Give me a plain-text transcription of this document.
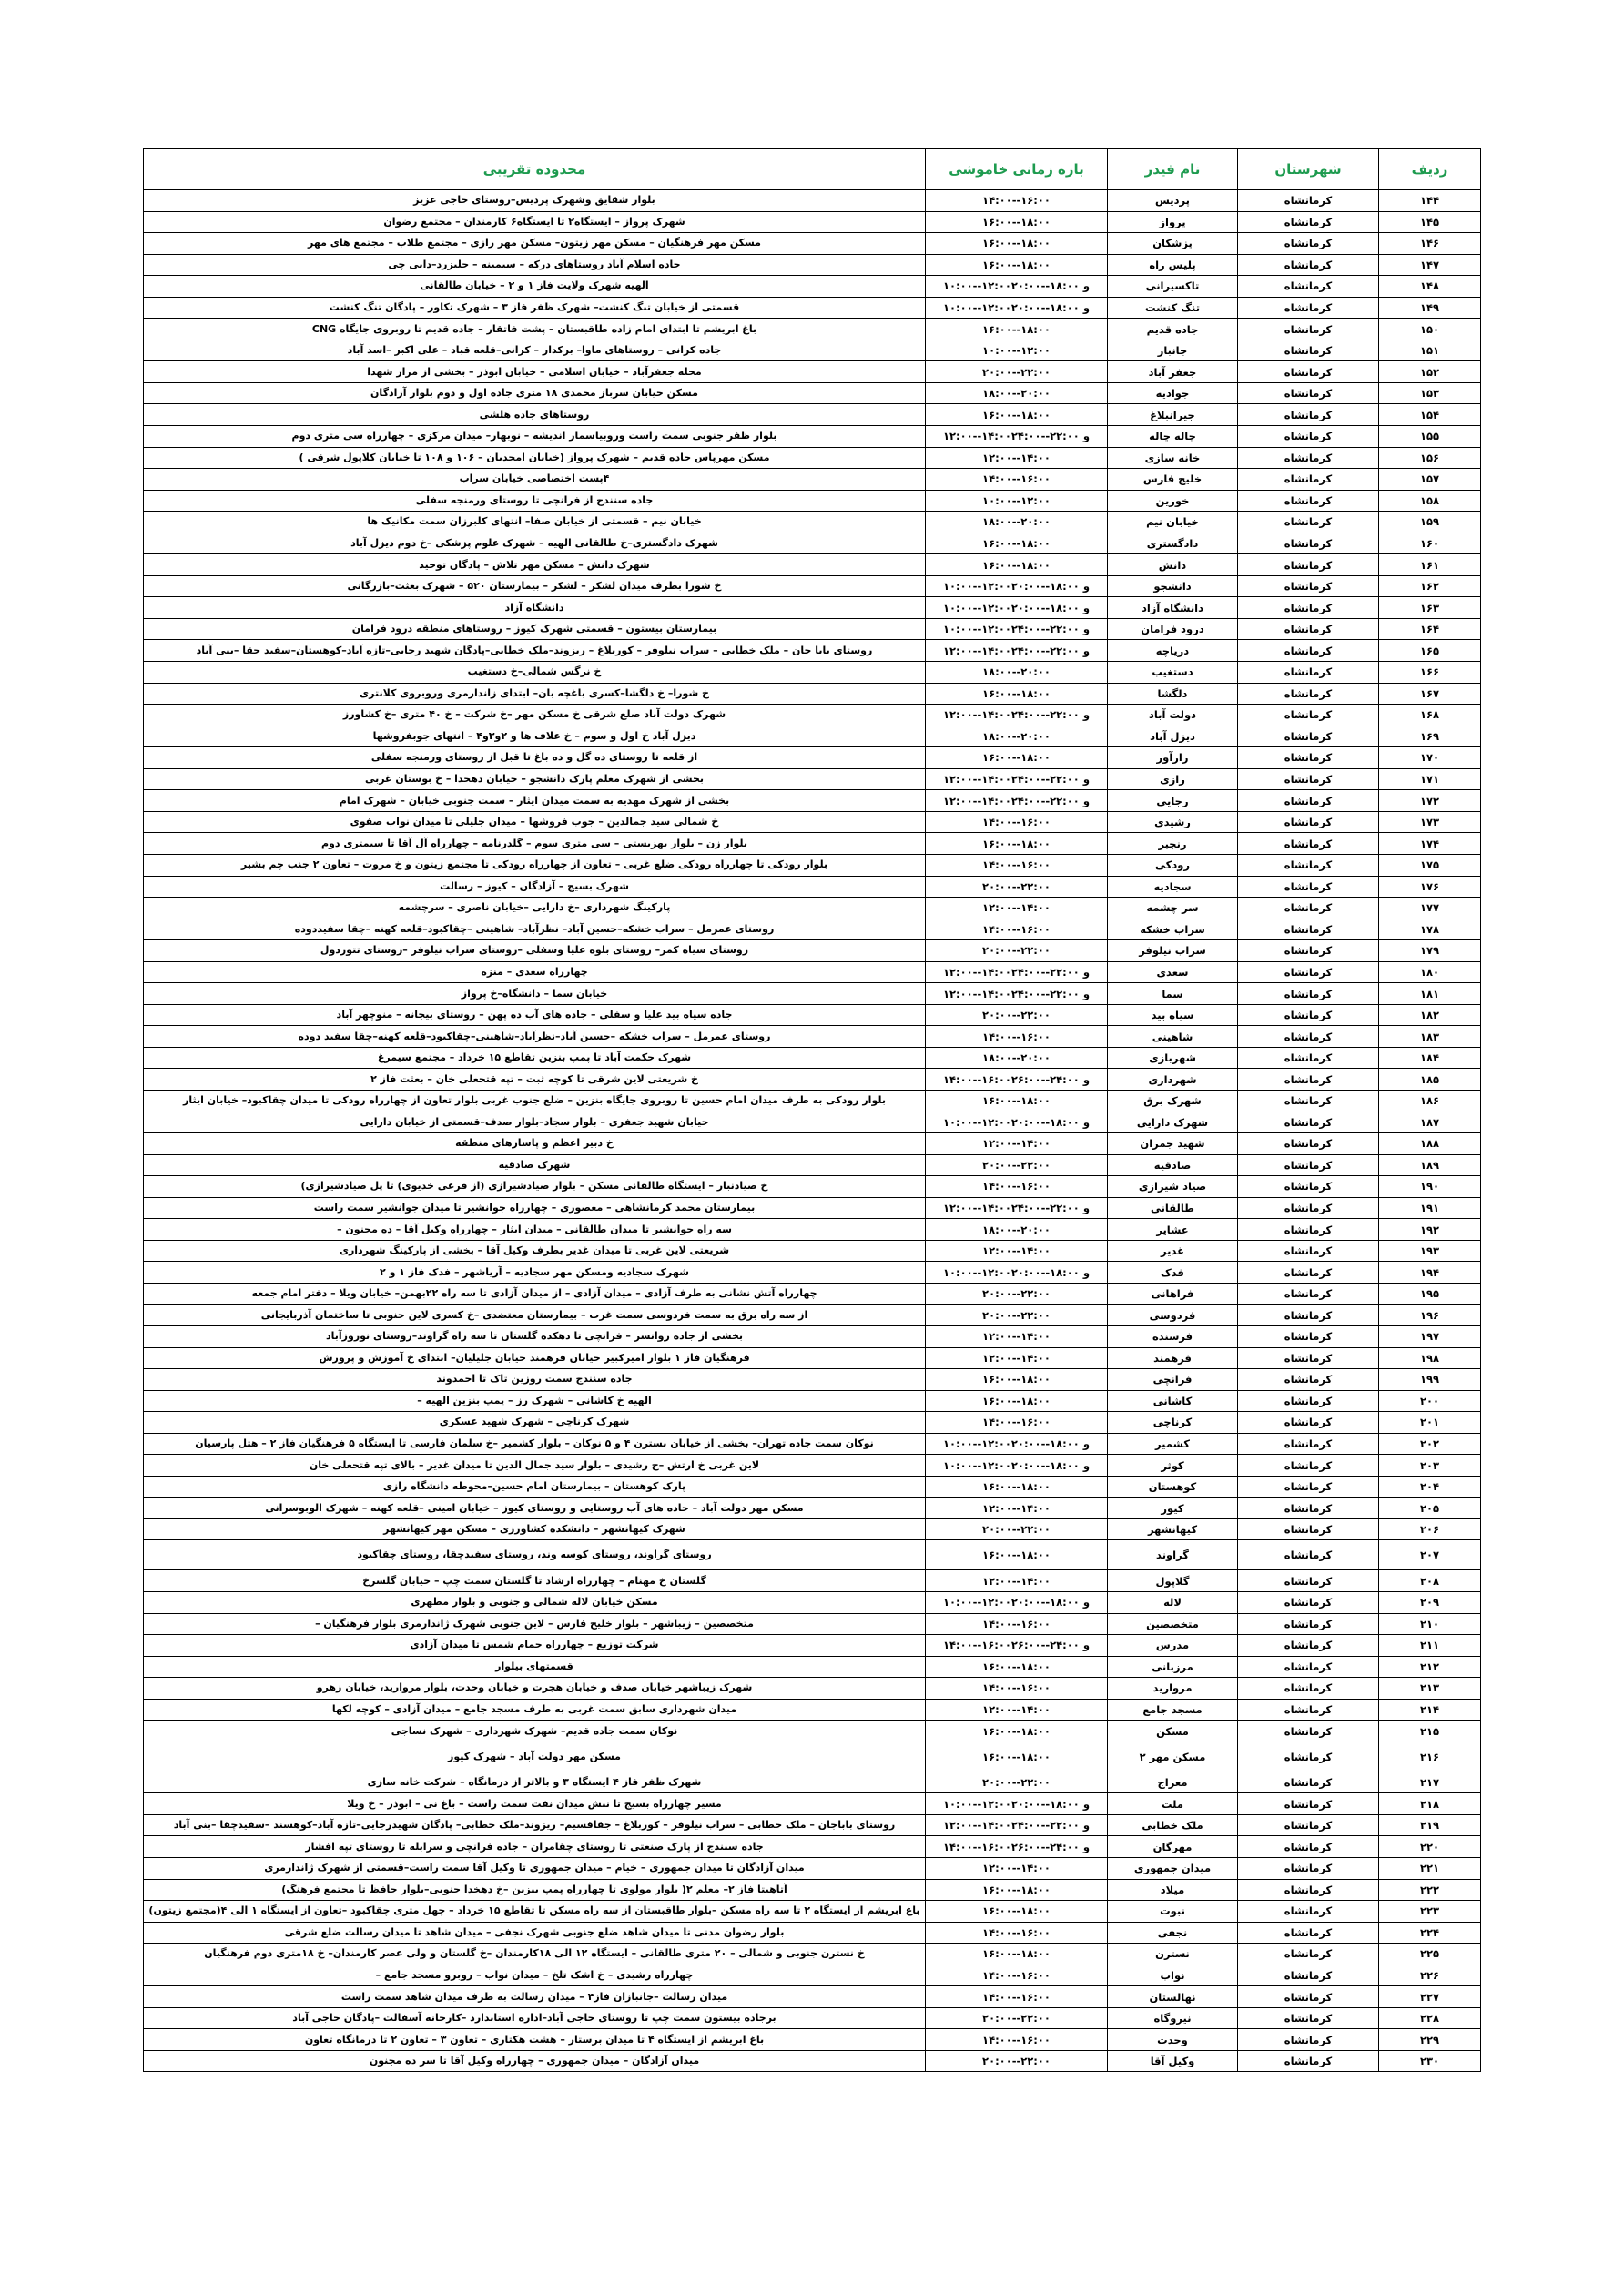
ردیف	شهرستان	نام فیدر	بازه زمانی خاموشی	محدوده تقریبی
۱۴۴	کرمانشاه	پردیس	۱۴:۰۰--۱۶:۰۰	بلوار شقایق وشهرک پردیس–روستای حاجی عزیز
۱۴۵	کرمانشاه	پرواز	۱۶:۰۰--۱۸:۰۰	شهرک پرواز – ایستگاه۲ تا ایستگاه۶ کارمندان – مجتمع رضوان
۱۴۶	کرمانشاه	پزشکان	۱۶:۰۰--۱۸:۰۰	مسکن مهر فرهنگیان – مسکن مهر زیتون– مسکن مهر رازی – مجتمع طلاب – مجتمع های مهر
۱۴۷	کرمانشاه	پلیس راه	۱۶:۰۰--۱۸:۰۰	جاده اسلام آباد روستاهای درکه – سیمینه – جلیزرد–دایی چی
۱۴۸	کرمانشاه	تاکسیرانی	۱۰:۰۰--۱۲:۰۰و ۱۸:۰۰--۲۰:۰۰	الهیه شهرک ولایت فاز ۱ و ۲ – خیابان طالقانی
۱۴۹	کرمانشاه	تنگ کنشت	۱۰:۰۰--۱۲:۰۰و ۱۸:۰۰--۲۰:۰۰	قسمتی از خیابان تنگ کنشت– شهرک ظفر فاز ۳ – شهرک تکاور – پادگان تنگ کنشت
۱۵۰	کرمانشاه	جاده قدیم	۱۶:۰۰--۱۸:۰۰	باغ ابریشم تا ابتدای امام زاده طاقبستان – پشت فاتقار – جاده قدیم تا روبروی جایگاه CNG
۱۵۱	کرمانشاه	جانباز	۱۰:۰۰--۱۲:۰۰	جاده کرانی – روستاهای ماوا– برکدار – کرانی–قلعه قباد – علی اکبر –اسد آباد
۱۵۲	کرمانشاه	جعفر آباد	۲۰:۰۰--۲۲:۰۰	محله جعفرآباد – خیابان اسلامی – خیابان ابوذر – بخشی از مزار شهدا
۱۵۳	کرمانشاه	جوادیه	۱۸:۰۰--۲۰:۰۰	مسکن خیابان سرباز محمدی ۱۸ متری جاده اول و دوم بلوار آزادگان
۱۵۴	کرمانشاه	جیرانبلاغ	۱۶:۰۰--۱۸:۰۰	روستاهای جاده هلشی
۱۵۵	کرمانشاه	چاله چاله	۱۲:۰۰--۱۴:۰۰و ۲۲:۰۰--۲۴:۰۰	بلوار ظفر جنوبی سمت راست وروبیاسمار اندیشه – نوبهار– میدان مرکزی – چهارراه سی متری دوم
۱۵۶	کرمانشاه	خانه سازی	۱۲:۰۰--۱۴:۰۰	مسکن مهرپاس جاده قدیم – شهرک پرواز (خیابان امجدیان – ۱۰۶ و ۱۰۸ تا خیابان کلاپول شرقی )
۱۵۷	کرمانشاه	خلیج فارس	۱۴:۰۰--۱۶:۰۰	۴پست اختصاصی خیابان سراب
۱۵۸	کرمانشاه	خورین	۱۰:۰۰--۱۲:۰۰	جاده سنندج از فرانچی تا روستای ورمنجه سفلی
۱۵۹	کرمانشاه	خیابان نیم	۱۸:۰۰--۲۰:۰۰	خیابان نیم – قسمتی از خیابان صفا– انتهای کلبرزان سمت مکانیک ها
۱۶۰	کرمانشاه	دادگستری	۱۶:۰۰--۱۸:۰۰	شهرک دادگستری–خ طالقانی الهیه – شهرک علوم پزشکی –خ دوم دیزل آباد
۱۶۱	کرمانشاه	دانش	۱۶:۰۰--۱۸:۰۰	شهرک دانش – مسکن مهر تلاش – پادگان توحید
۱۶۲	کرمانشاه	دانشجو	۱۰:۰۰--۱۲:۰۰و ۱۸:۰۰--۲۰:۰۰	خ شورا بطرف میدان لشکر – لشکر – بیمارستان ۵۲۰ – شهرک بعثت–بازرگانی
۱۶۳	کرمانشاه	دانشگاه آزاد	۱۰:۰۰--۱۲:۰۰و ۱۸:۰۰--۲۰:۰۰	دانشگاه آزاد
۱۶۴	کرمانشاه	درود فرامان	۱۰:۰۰--۱۲:۰۰و ۲۲:۰۰--۲۴:۰۰	بیمارستان بیستون – قسمتی شهرک کیوز – روستاهای منطقه درود فرامان
۱۶۵	کرمانشاه	دریاچه	۱۲:۰۰--۱۴:۰۰و ۲۲:۰۰--۲۴:۰۰	روستای بابا جان – ملک خطابی – سراب نیلوفر – کوربلاغ – ریزوند–ملک خطابی–پادگان شهید رجایی–تازه آباد–کوهستان–سفید جقا –بنی آباد
۱۶۶	کرمانشاه	دستغیب	۱۸:۰۰--۲۰:۰۰	خ نرگس شمالی–خ دستغیب
۱۶۷	کرمانشاه	دلگشا	۱۶:۰۰--۱۸:۰۰	خ شورا– خ دلگشا–کسری باغچه بان– ابتدای زاندارمری وروبروی کلانتری
۱۶۸	کرمانشاه	دولت آباد	۱۲:۰۰--۱۴:۰۰و ۲۲:۰۰--۲۴:۰۰	شهرک دولت آباد ضلع شرقی خ مسکن مهر –خ شرکت – خ ۴۰ متری –خ کشاورز
۱۶۹	کرمانشاه	دیزل آباد	۱۸:۰۰--۲۰:۰۰	دیزل آباد خ اول و سوم – خ علاف ها و ۲و۳و۴ – انتهای جوبفروشها
۱۷۰	کرمانشاه	رازآور	۱۶:۰۰--۱۸:۰۰	از قلعه تا روستای ده گل و ده باغ تا قبل از روستای ورمنجه سفلی
۱۷۱	کرمانشاه	رازی	۱۲:۰۰--۱۴:۰۰و ۲۲:۰۰--۲۴:۰۰	بخشی از شهرک معلم پارک دانشجو – خیابان دهخدا – خ بوستان غربی
۱۷۲	کرمانشاه	رجایی	۱۲:۰۰--۱۴:۰۰و ۲۲:۰۰--۲۴:۰۰	بخشی از شهرک مهدیه به سمت میدان ایثار – سمت جنوبی خیابان – شهرک امام
۱۷۳	کرمانشاه	رشیدی	۱۴:۰۰--۱۶:۰۰	خ شمالی سید جمالدین – جوب فروشها – میدان جلیلی تا میدان نواب صفوی
۱۷۴	کرمانشاه	رنجبر	۱۶:۰۰--۱۸:۰۰	بلوار زن – بلوار بهزیستی – سی متری سوم – گلدرنامه – چهارراه آل آقا تا سیمتری دوم
۱۷۵	کرمانشاه	رودکی	۱۴:۰۰--۱۶:۰۰	بلوار رودکی تا چهارراه رودکی ضلع غربی – تعاون از چهارراه رودکی تا مجتمع زیتون و خ مروت – تعاون ۲ جنب چم بشیر
۱۷۶	کرمانشاه	سجادیه	۲۰:۰۰--۲۲:۰۰	شهرک بسیج – آزادگان – کیوز – رسالت
۱۷۷	کرمانشاه	سر چشمه	۱۲:۰۰--۱۴:۰۰	پارکینگ شهرداری –خ دارایی –خیابان ناصری – سرچشمه
۱۷۸	کرمانشاه	سراب خشکه	۱۴:۰۰--۱۶:۰۰	روستای عمرمل – سراب خشکه–حسین آباد– نظرآباد– شاهینی –چقاکبود–قلعه کهنه –چقا سفیددوده
۱۷۹	کرمانشاه	سراب نیلوفر	۲۰:۰۰--۲۲:۰۰	روستای سیاه کمر– روستای بلوه علیا وسفلی –روستای سراب نیلوفر –روستای تتوردول
۱۸۰	کرمانشاه	سعدی	۱۲:۰۰--۱۴:۰۰و ۲۲:۰۰--۲۴:۰۰	چهارراه سعدی – منزه
۱۸۱	کرمانشاه	سما	۱۲:۰۰--۱۴:۰۰و ۲۲:۰۰--۲۴:۰۰	خیابان سما – دانشگاه–خ پرواز
۱۸۲	کرمانشاه	سیاه بید	۲۰:۰۰--۲۲:۰۰	جاده سیاه بید علیا و سفلی – جاده های آب ده پهن – روستای بیجانه – منوچهر آباد
۱۸۳	کرمانشاه	شاهینی	۱۴:۰۰--۱۶:۰۰	روستای عمرمل – سراب خشکه –حسین آباد–نظرآباد–شاهینی–چقاکبود–قلعه کهنه–چقا سفید دوده
۱۸۴	کرمانشاه	شهربازی	۱۸:۰۰--۲۰:۰۰	شهرک حکمت آباد تا پمپ بنزین تقاطع ۱۵ خرداد – مجتمع سیمرغ
۱۸۵	کرمانشاه	شهرداری	۱۴:۰۰--۱۶:۰۰و ۲۴:۰۰--۲۶:۰۰	خ شریعتی لاین شرقی تا کوچه ثبت – تپه قتحعلی خان – بعثت فاز ۲
۱۸۶	کرمانشاه	شهرک برق	۱۶:۰۰--۱۸:۰۰	بلوار رودکی به طرف میدان امام حسین تا روبروی جایگاه بنزین – ضلع جنوب غربی بلوار تعاون از چهارراه رودکی تا میدان چقاکبود– خیابان ایثار
۱۸۷	کرمانشاه	شهرک دارایی	۱۰:۰۰--۱۲:۰۰و ۱۸:۰۰--۲۰:۰۰	خیابان شهید جعفری – بلوار سجاد–بلوار صدف–قسمتی از خیابان دارایی
۱۸۸	کرمانشاه	شهید جمران	۱۲:۰۰--۱۴:۰۰	خ دبیر اعظم و پاسارهای منطقه
۱۸۹	کرمانشاه	صادقیه	۲۰:۰۰--۲۲:۰۰	شهرک صادقیه
۱۹۰	کرمانشاه	صیاد شیرازی	۱۴:۰۰--۱۶:۰۰	خ صیادنبار – ایستگاه طالقانی مسکن – بلوار صیادشیرازی (از فرعی خدیوی) تا پل صیادشیرازی)
۱۹۱	کرمانشاه	طالقانی	۱۲:۰۰--۱۴:۰۰و ۲۲:۰۰--۲۴:۰۰	بیمارستان محمد کرمانشاهی – معصوری – چهارراه جوانشیر تا میدان جوانشیر سمت راست
۱۹۲	کرمانشاه	عشایر	۱۸:۰۰--۲۰:۰۰	سه راه جوانشیر تا میدان طالقانی – میدان ایثار – چهارراه وکیل آقا – ده مجنون –
۱۹۳	کرمانشاه	غدیر	۱۲:۰۰--۱۴:۰۰	شریعتی لاین غربی تا میدان غدیر بطرف وکیل آقا – بخشی از پارکینگ شهرداری
۱۹۴	کرمانشاه	فدک	۱۰:۰۰--۱۲:۰۰و ۱۸:۰۰--۲۰:۰۰	شهرک سجادیه ومسکن مهر سجادیه – آریاشهر – فدک فاز ۱ و ۲
۱۹۵	کرمانشاه	فراهانی	۲۰:۰۰--۲۲:۰۰	چهارراه آتش نشانی به طرف آزادی – میدان آزادی – از میدان آزادی تا سه راه ۲۲بهمن– خیابان ویلا – دفتر امام جمعه
۱۹۶	کرمانشاه	فردوسی	۲۰:۰۰--۲۲:۰۰	از سه راه برق به سمت فردوسی سمت غرب – بیمارستان معتضدی –خ کسری لاین جنوبی تا ساختمان آذربایجانی
۱۹۷	کرمانشاه	فرسنده	۱۲:۰۰--۱۴:۰۰	بخشی از جاده روانسر – فرانچی تا دهکده گلستان تا سه راه گراوند–روستای نوروزآباد
۱۹۸	کرمانشاه	فرهمند	۱۲:۰۰--۱۴:۰۰	فرهنگیان فاز ۱ بلوار امیرکبیر خیابان فرهمند خیابان جلیلیان– ابتدای خ آموزش و پرورش
۱۹۹	کرمانشاه	فرانچی	۱۶:۰۰--۱۸:۰۰	جاده سنندج سمت روزین تاک تا احمدوند
۲۰۰	کرمانشاه	کاشانی	۱۶:۰۰--۱۸:۰۰	الهیه خ کاشانی – شهرک رز – پمپ بنزین الهیه –
۲۰۱	کرمانشاه	کرناچی	۱۴:۰۰--۱۶:۰۰	شهرک کرناچی – شهرک شهید عسکری
۲۰۲	کرمانشاه	کشمیر	۱۰:۰۰--۱۲:۰۰و ۱۸:۰۰--۲۰:۰۰	نوکان سمت جاده تهران– بخشی از خیابان نسترن ۴ و ۵ نوکان – بلوار کشمیر –خ سلمان فارسی تا ایستگاه ۵ فرهنگیان فاز ۲ – هتل پارسیان
۲۰۳	کرمانشاه	کوثر	۱۰:۰۰--۱۲:۰۰و ۱۸:۰۰--۲۰:۰۰	لاین غربی خ ارتش –خ رشیدی – بلوار سید جمال الدین تا میدان غدیر – بالای تپه قتحعلی خان
۲۰۴	کرمانشاه	کوهستان	۱۶:۰۰--۱۸:۰۰	پارک کوهستان – بیمارستان امام حسین–محوطه دانشگاه رازی
۲۰۵	کرمانشاه	کیوز	۱۲:۰۰--۱۴:۰۰	مسکن مهر دولت آباد – جاده های آب روستایی و روستای کیوز – خیابان امینی –قلعه کهنه – شهرک الوبوسرانی
۲۰۶	کرمانشاه	کیهانشهر	۲۰:۰۰--۲۲:۰۰	شهرک کیهانشهر – دانشکده کشاورزی – مسکن مهر کیهانشهر
۲۰۷	کرمانشاه	گراوند	۱۶:۰۰--۱۸:۰۰	روستای گراوند، روستای کوسه وند، روستای سفیدچقا، روستای چقاکبود
۲۰۸	کرمانشاه	گلاپول	۱۲:۰۰--۱۴:۰۰	گلستان خ مهنام – چهارراه ارشاد تا گلستان سمت چپ – خیابان گلسرخ
۲۰۹	کرمانشاه	لاله	۱۰:۰۰--۱۲:۰۰و ۱۸:۰۰--۲۰:۰۰	مسکن خیابان لاله شمالی و جنوبی و بلوار مطهری
۲۱۰	کرمانشاه	متخصصین	۱۴:۰۰--۱۶:۰۰	متخصصین – زیباشهر – بلوار خلیج فارس – لاین جنوبی شهرک ژاندارمری بلوار فرهنگیان –
۲۱۱	کرمانشاه	مدرس	۱۴:۰۰--۱۶:۰۰و ۲۴:۰۰--۲۶:۰۰	شرکت توزیع – چهارراه حمام شمس تا میدان آزادی
۲۱۲	کرمانشاه	مرزبانی	۱۶:۰۰--۱۸:۰۰	قسمتهای بیلوار
۲۱۳	کرمانشاه	مروارید	۱۴:۰۰--۱۶:۰۰	شهرک زیباشهر خیابان صدف و خیابان هجرت و خیابان وحدت، بلوار مروارید، خیابان زهرو
۲۱۴	کرمانشاه	مسجد جامع	۱۲:۰۰--۱۴:۰۰	میدان شهرداری سابق سمت غربی به طرف مسجد جامع – میدان آزادی – کوچه لکها
۲۱۵	کرمانشاه	مسکن	۱۶:۰۰--۱۸:۰۰	نوکان سمت جاده قدیم– شهرک شهرداری – شهرک نساجی
۲۱۶	کرمانشاه	مسکن مهر ۲	۱۶:۰۰--۱۸:۰۰	مسکن مهر دولت آباد – شهرک کیوز
۲۱۷	کرمانشاه	معراج	۲۰:۰۰--۲۲:۰۰	شهرک ظفر فاز ۴ ایستگاه ۳ و بالاتر از درمانگاه – شرکت خانه سازی
۲۱۸	کرمانشاه	ملت	۱۰:۰۰--۱۲:۰۰و ۱۸:۰۰--۲۰:۰۰	مسیر چهارراه بسیج تا نبش میدان نفت سمت راست – باغ نی – ابوذر – خ ویلا
۲۱۹	کرمانشاه	ملک خطابی	۱۲:۰۰--۱۴:۰۰و ۲۲:۰۰--۲۴:۰۰	روستای باباجان – ملک خطابی – سراب نیلوفر – کوربلاغ – جقاقسیم– ریزوند–ملک خطابی– پادگان شهیدرجایی–تازه آباد–کوهسند –سفیدچقا –بنی آباد
۲۲۰	کرمانشاه	مهرگان	۱۴:۰۰--۱۶:۰۰و ۲۴:۰۰--۲۶:۰۰	جاده سنندج از پارک صنعتی تا روستای چقامران – جاده فرانچی و سرابله تا روستای تپه افشار
۲۲۱	کرمانشاه	میدان جمهوری	۱۲:۰۰--۱۴:۰۰	میدان آزادگان تا میدان جمهوری – خیام – میدان جمهوری تا وکیل آقا سمت راست–قسمتی از شهرک ژاندارمری
۲۲۲	کرمانشاه	میلاد	۱۶:۰۰--۱۸:۰۰	آتاهیتا فاز ۲– معلم ۲( بلوار مولوی تا چهارراه پمپ بنزین –خ دهخدا جنوبی–بلوار حافظ تا مجتمع فرهنگ)
۲۲۳	کرمانشاه	نبوت	۱۶:۰۰--۱۸:۰۰	باغ ابریشم از ایستگاه ۲ تا سه راه مسکن –بلوار طاقبستان از سه راه مسکن تا تقاطع ۱۵ خرداد – چهل متری چقاکبود –تعاون از ایستگاه ۱ الی ۴(مجتمع زیتون)
۲۲۴	کرمانشاه	نجفی	۱۴:۰۰--۱۶:۰۰	بلوار رضوان مدنی تا میدان شاهد ضلع جنوبی شهرک نجفی – میدان شاهد تا میدان رسالت ضلع شرقی
۲۲۵	کرمانشاه	نسترن	۱۶:۰۰--۱۸:۰۰	خ نسترن جنوبی و شمالی – ۲۰ متری طالقانی – ایستگاه ۱۲ الی ۱۸کارمندان –خ گلستان و ولی عصر کارمندان– خ ۱۸متری دوم فرهنگیان
۲۲۶	کرمانشاه	نواب	۱۴:۰۰--۱۶:۰۰	چهارراه رشیدی – خ اشک تلخ – میدان نواب – روبرو مسجد جامع –
۲۲۷	کرمانشاه	نهالستان	۱۴:۰۰--۱۶:۰۰	میدان رسالت –جانبازان فاز۴ – میدان رسالت به طرف میدان شاهد سمت راست
۲۲۸	کرمانشاه	نیروگاه	۲۰:۰۰--۲۲:۰۰	برجاده بیستون سمت چپ تا روستای حاجی آباد–اداره استاندارد –کارخانه آسفالت –پادگان حاجی آباد
۲۲۹	کرمانشاه	وحدت	۱۴:۰۰--۱۶:۰۰	باغ ابریشم از ایستگاه ۴ تا میدان برستار – هشت هکتاری – تعاون ۳ – تعاون ۲ تا درمانگاه تعاون
۲۳۰	کرمانشاه	وکیل آقا	۲۰:۰۰--۲۲:۰۰	میدان آزادگان – میدان جمهوری – چهارراه وکیل آقا تا سر ده مجنون
